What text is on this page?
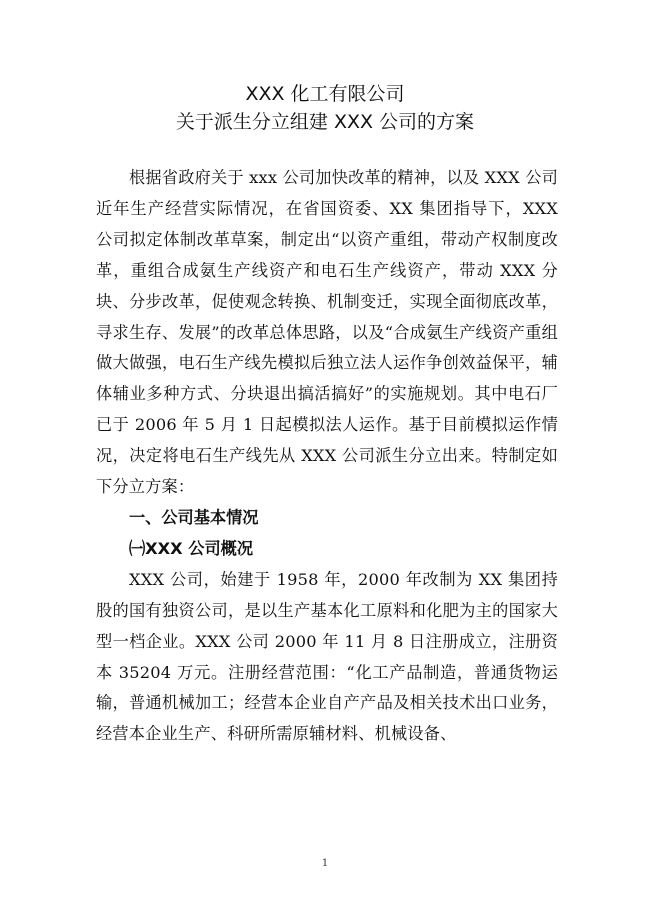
XXX 化工有限公司
关于派生分立组建 XXX 公司的方案

根据省政府关于 xxx 公司加快改革的精神，以及 XXX 公司近年生产经营实际情况，在省国资委、XX 集团指导下，XXX 公司拟定体制改革草案，制定出“以资产重组，带动产权制度改革，重组合成氨生产线资产和电石生产线资产，带动 XXX 分块、分步改革，促使观念转换、机制变迁，实现全面彻底改革，寻求生存、发展”的改革总体思路，以及“合成氨生产线资产重组做大做强，电石生产线先模拟后独立法人运作争创效益保平，辅体辅业多种方式、分块退出搞活搞好”的实施规划。其中电石厂已于 2006 年 5 月 1 日起模拟法人运作。基于目前模拟运作情况，决定将电石生产线先从 XXX 公司派生分立出来。特制定如下分立方案：

一、公司基本情况

㈠XXX 公司概况

XXX 公司，始建于 1958 年，2000 年改制为 XX 集团持股的国有独资公司，是以生产基本化工原料和化肥为主的国家大型一档企业。XXX 公司 2000 年 11 月 8 日注册成立，注册资本 35204 万元。注册经营范围：“化工产品制造，普通货物运输，普通机械加工；经营本企业自产产品及相关技术出口业务，经营本企业生产、科研所需原辅材料、机械设备、

1
